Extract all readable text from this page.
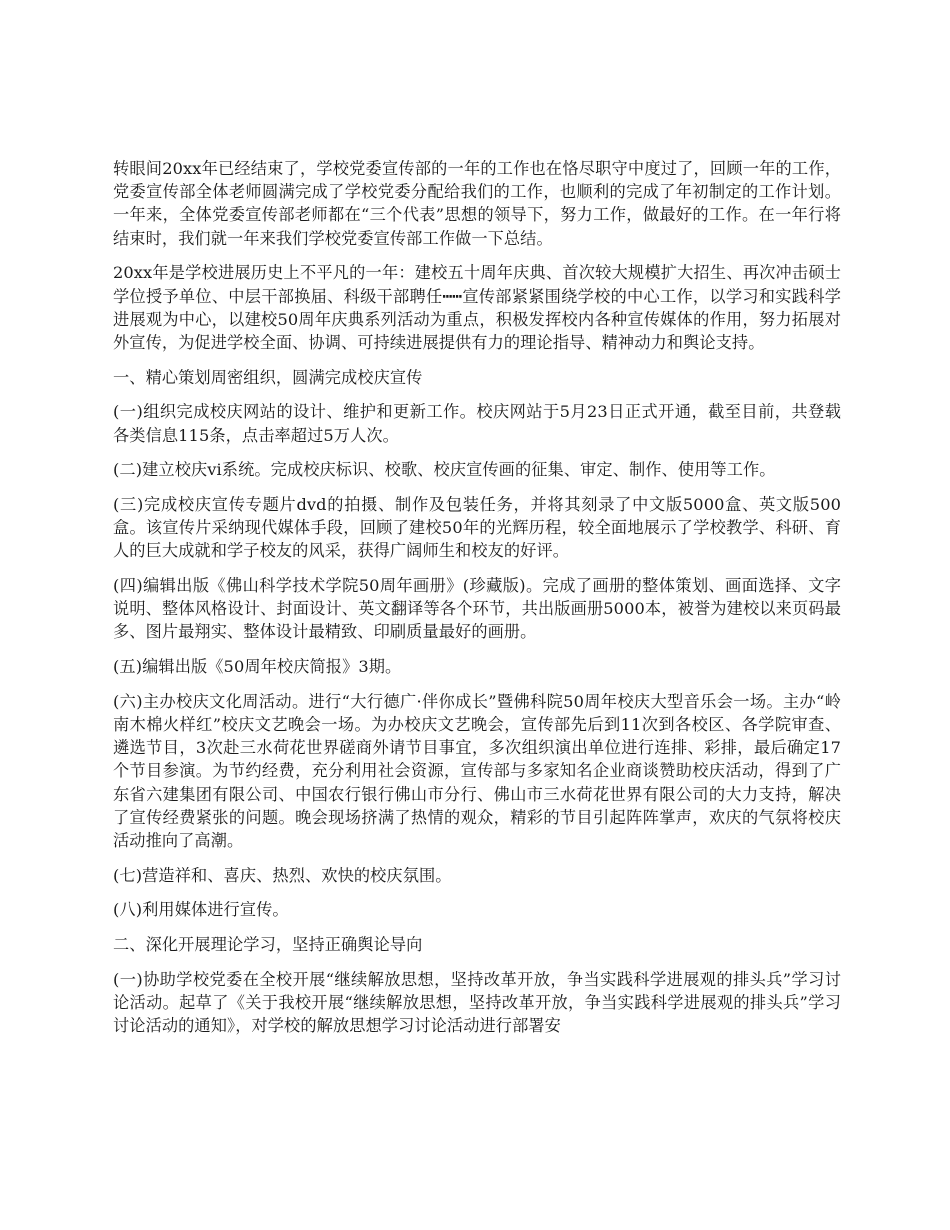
转眼间20xx年已经结束了，学校党委宣传部的一年的工作也在恪尽职守中度过了，回顾一年的工作，党委宣传部全体老师圆满完成了学校党委分配给我们的工作，也顺利的完成了年初制定的工作计划。一年来，全体党委宣传部老师都在“三个代表”思想的领导下，努力工作，做最好的工作。在一年行将结束时，我们就一年来我们学校党委宣传部工作做一下总结。

20xx年是学校进展历史上不平凡的一年：建校五十周年庆典、首次较大规模扩大招生、再次冲击硕士学位授予单位、中层干部换届、科级干部聘任┅┅宣传部紧紧围绕学校的中心工作，以学习和实践科学进展观为中心，以建校50周年庆典系列活动为重点，积极发挥校内各种宣传媒体的作用，努力拓展对外宣传，为促进学校全面、协调、可持续进展提供有力的理论指导、精神动力和舆论支持。

一、精心策划周密组织，圆满完成校庆宣传

(一)组织完成校庆网站的设计、维护和更新工作。校庆网站于5月23日正式开通，截至目前，共登载各类信息115条，点击率超过5万人次。

(二)建立校庆vi系统。完成校庆标识、校歌、校庆宣传画的征集、审定、制作、使用等工作。

(三)完成校庆宣传专题片dvd的拍摄、制作及包装任务，并将其刻录了中文版5000盒、英文版500盒。该宣传片采纳现代媒体手段，回顾了建校50年的光辉历程，较全面地展示了学校教学、科研、育人的巨大成就和学子校友的风采，获得广阔师生和校友的好评。

(四)编辑出版《佛山科学技术学院50周年画册》(珍藏版)。完成了画册的整体策划、画面选择、文字说明、整体风格设计、封面设计、英文翻译等各个环节，共出版画册5000本，被誉为建校以来页码最多、图片最翔实、整体设计最精致、印刷质量最好的画册。

(五)编辑出版《50周年校庆简报》3期。

(六)主办校庆文化周活动。进行“大行德广·伴你成长”暨佛科院50周年校庆大型音乐会一场。主办“岭南木棉火样红”校庆文艺晚会一场。为办校庆文艺晚会，宣传部先后到11次到各校区、各学院审查、遴选节目，3次赴三水荷花世界磋商外请节目事宜，多次组织演出单位进行连排、彩排，最后确定17个节目参演。为节约经费，充分利用社会资源，宣传部与多家知名企业商谈赞助校庆活动，得到了广东省六建集团有限公司、中国农行银行佛山市分行、佛山市三水荷花世界有限公司的大力支持，解决了宣传经费紧张的问题。晚会现场挤满了热情的观众，精彩的节目引起阵阵掌声，欢庆的气氛将校庆活动推向了高潮。

(七)营造祥和、喜庆、热烈、欢快的校庆氛围。

(八)利用媒体进行宣传。

二、深化开展理论学习，坚持正确舆论导向

(一)协助学校党委在全校开展“继续解放思想，坚持改革开放，争当实践科学进展观的排头兵”学习讨论活动。起草了《关于我校开展“继续解放思想，坚持改革开放，争当实践科学进展观的排头兵”学习讨论活动的通知》，对学校的解放思想学习讨论活动进行部署安
